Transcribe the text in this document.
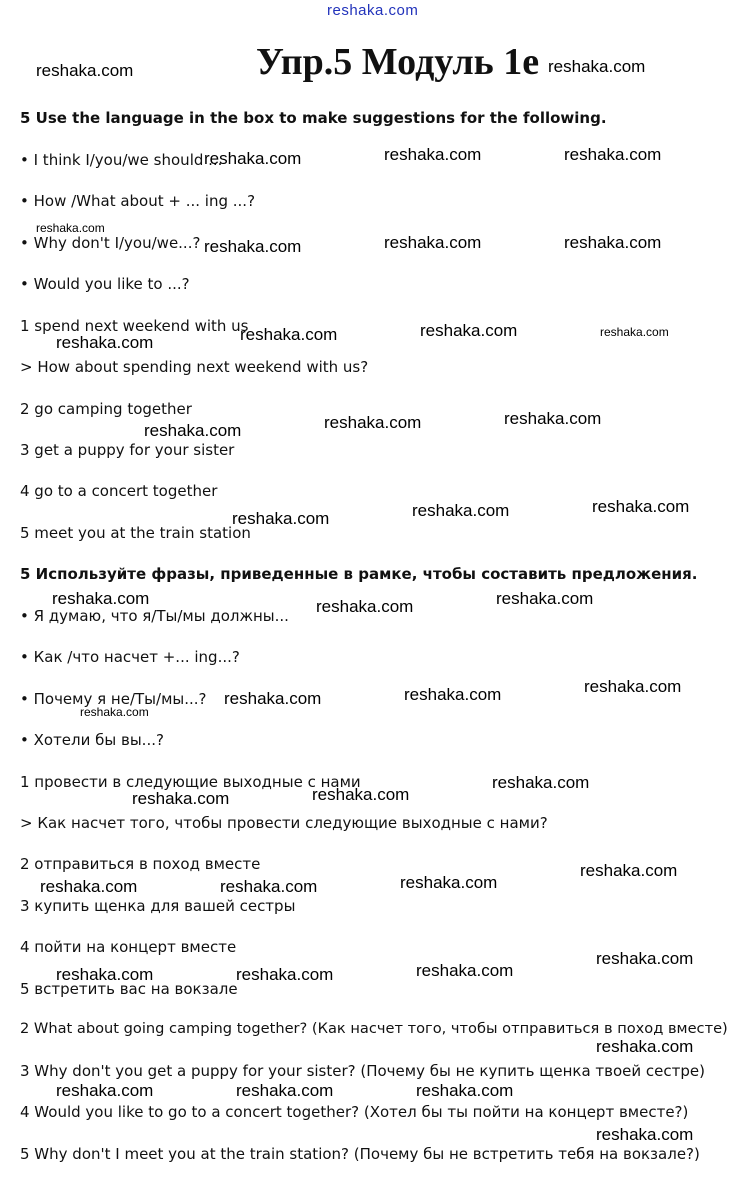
reshaka.com
Упр.5 Модуль 1e
5 Use the language in the box to make suggestions for the following.
• I think I/you/we should ...
• How /What about + ... ing ...?
• Why don't I/you/we...?
• Would you like to ...?
1 spend next weekend with us
> How about spending next weekend with us?
2 go camping together
3 get a puppy for your sister
4 go to a concert together
5 meet you at the train station
5 Используйте фразы, приведенные в рамке, чтобы составить предложения.
• Я думаю, что я/Ты/мы должны...
• Как /что насчет +... ing...?
• Почему я не/Ты/мы...?
• Хотели бы вы...?
1 провести в следующие выходные с нами
> Как насчет того, чтобы провести следующие выходные с нами?
2 отправиться в поход вместе
3 купить щенка для вашей сестры
4 пойти на концерт вместе
5 встретить вас на вокзале
2 What about going camping together? (Как насчет того, чтобы отправиться в поход вместе)
3 Why don't you get a puppy for your sister? (Почему бы не купить щенка твоей сестре)
4 Would you like to go to a concert together? (Хотел бы ты пойти на концерт вместе?)
5 Why don't I meet you at the train station? (Почему бы не встретить тебя на вокзале?)
reshaka.com	reshaka.com
reshaka.com	reshaka.com	reshaka.com
reshaka.com
reshaka.com	reshaka.com	reshaka.com
reshaka.com	reshaka.com	reshaka.com
reshaka.com
reshaka.com	reshaka.com
reshaka.com
reshaka.com
reshaka.com
reshaka.com
reshaka.com	reshaka.com
reshaka.com
reshaka.com
reshaka.com
reshaka.com
reshaka.com
reshaka.com
reshaka.com
reshaka.com
reshaka.com
reshaka.com
reshaka.com	reshaka.com
reshaka.com
reshaka.com
reshaka.com	reshaka.com
reshaka.com
reshaka.com	reshaka.com	reshaka.com
reshaka.com
